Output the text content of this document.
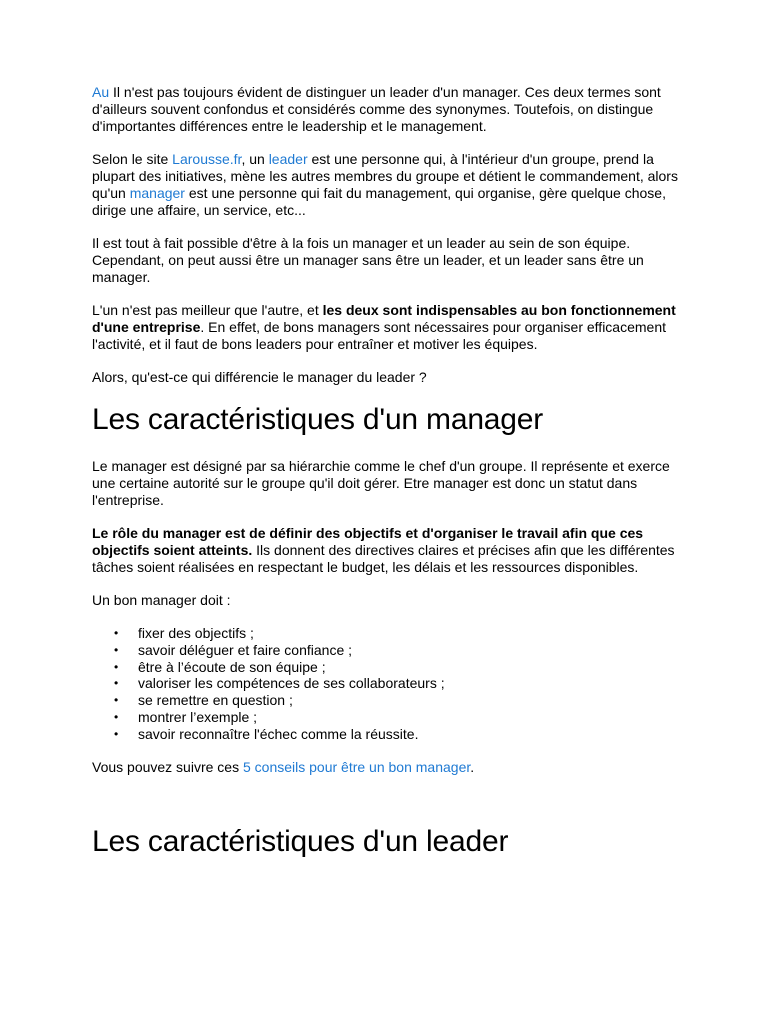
Au Il n'est pas toujours évident de distinguer un leader d'un manager. Ces deux termes sont d'ailleurs souvent confondus et considérés comme des synonymes. Toutefois, on distingue d'importantes différences entre le leadership et le management.

Selon le site Larousse.fr, un leader est une personne qui, à l'intérieur d'un groupe, prend la plupart des initiatives, mène les autres membres du groupe et détient le commandement, alors qu'un manager est une personne qui fait du management, qui organise, gère quelque chose, dirige une affaire, un service, etc...

Il est tout à fait possible d'être à la fois un manager et un leader au sein de son équipe. Cependant, on peut aussi être un manager sans être un leader, et un leader sans être un manager.

L'un n'est pas meilleur que l'autre, et les deux sont indispensables au bon fonctionnement d'une entreprise. En effet, de bons managers sont nécessaires pour organiser efficacement l'activité, et il faut de bons leaders pour entraîner et motiver les équipes.

Alors, qu'est-ce qui différencie le manager du leader ?

Les caractéristiques d'un manager

Le manager est désigné par sa hiérarchie comme le chef d'un groupe. Il représente et exerce une certaine autorité sur le groupe qu'il doit gérer. Etre manager est donc un statut dans l'entreprise.

Le rôle du manager est de définir des objectifs et d'organiser le travail afin que ces objectifs soient atteints. Ils donnent des directives claires et précises afin que les différentes tâches soient réalisées en respectant le budget, les délais et les ressources disponibles.

Un bon manager doit :

• fixer des objectifs ;
• savoir déléguer et faire confiance ;
• être à l’écoute de son équipe ;
• valoriser les compétences de ses collaborateurs ;
• se remettre en question ;
• montrer l’exemple ;
• savoir reconnaître l'échec comme la réussite.

Vous pouvez suivre ces 5 conseils pour être un bon manager.

Les caractéristiques d'un leader
